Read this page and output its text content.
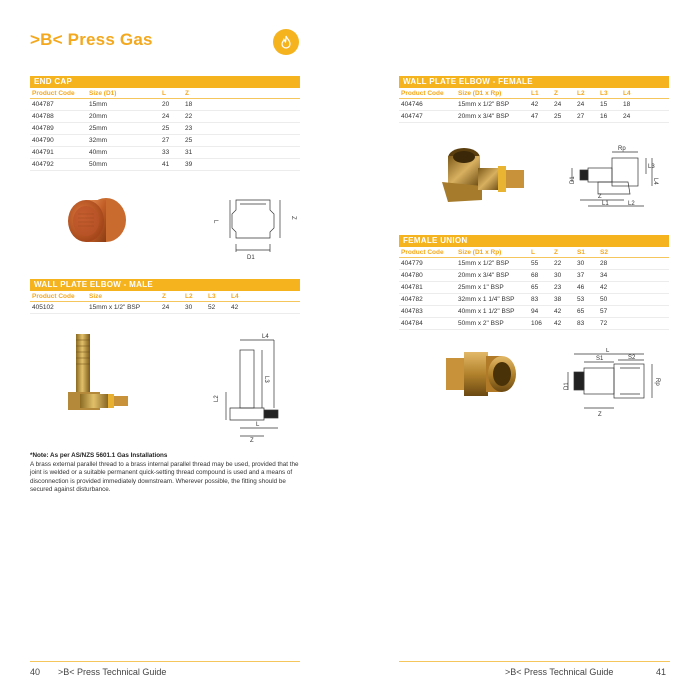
>B< Press Gas
END CAP
Product Code	Size (D1)	L	Z
404787	15mm	20	18
404788	20mm	24	22
404789	25mm	25	23
404790	32mm	27	25
404791	40mm	33	31
404792	50mm	41	39
L
Z
D1
WALL PLATE ELBOW - MALE
Product Code	Size	Z	L2	L3	L4
405102	15mm x 1/2" BSP	24	30	52	42
L4
L3
L2
L
Z
*Note: As per AS/NZS 5601.1 Gas Installations
A brass external parallel thread to a brass internal parallel thread may be used, provided that the joint is welded or a suitable permanent quick-setting thread compound is used and a means of disconnection is provided immediately downstream. Wherever possible, the fitting should be secured against disturbance.
WALL PLATE ELBOW - FEMALE
Product Code	Size (D1 x Rp)	L1	Z	L2	L3	L4
404746	15mm x 1/2" BSP	42	24	24	15	18
404747	20mm x 3/4" BSP	47	25	27	16	24
Rp
L3
L4
D1
Z
L1	L2
FEMALE UNION
Product Code	Size (D1 x Rp)	L	Z	S1	S2
404779	15mm x 1/2" BSP	55	22	30	28
404780	20mm x 3/4" BSP	68	30	37	34
404781	25mm x 1" BSP	65	23	46	42
404782	32mm x 1 1/4" BSP	83	38	53	50
404783	40mm x 1 1/2" BSP	94	42	65	57
404784	50mm x 2" BSP	106	42	83	72
L
S1	S2
D1
Rp
Z
40 >B< Press Technical Guide	>B< Press Technical Guide	41
